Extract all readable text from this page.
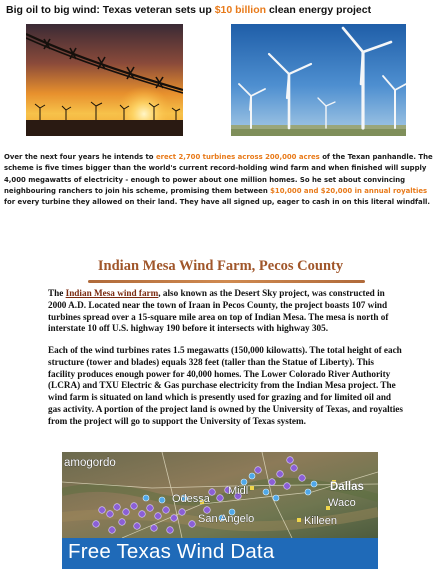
Big oil to big wind: Texas veteran sets up $10 billion clean energy project
Over the next four years he intends to erect 2,700 turbines across 200,000 acres of the Texan panhandle. The scheme is five times bigger than the world's current record-holding wind farm and when finished will supply 4,000 megawatts of electricity - enough to power about one million homes. So he set about convincing neighbouring ranchers to join his scheme, promising them between $10,000 and $20,000 in annual royalties for every turbine they allowed on their land. They have all signed up, eager to cash in on this literal windfall.
Indian Mesa Wind Farm, Pecos County
The Indian Mesa wind farm, also known as the Desert Sky project, was constructed in 2000 A.D. Located near the town of Iraan in Pecos County, the project boasts 107 wind turbines spread over a 15-square mile area on top of Indian Mesa. The mesa is north of interstate 10 off U.S. highway 190 before it intersects with highway 305.
Each of the wind turbines rates 1.5 megawatts (150,000 kilowatts). The total height of each structure (tower and blades) equals 328 feet (taller than the Statue of Liberty). This facility produces enough power for 40,000 homes. The Lower Colorado River Authority (LCRA) and TXU Electric & Gas purchase electricity from the Indian Mesa project. The wind farm is situated on land which is presently used for grazing and for limited oil and gas activity. A portion of the project land is owned by the University of Texas, and royalties from the project will go to support the University of Texas system.
amogordo
Odessa
Midl	Dallas
Waco
San Angelo	Killeen
Free Texas Wind Data
